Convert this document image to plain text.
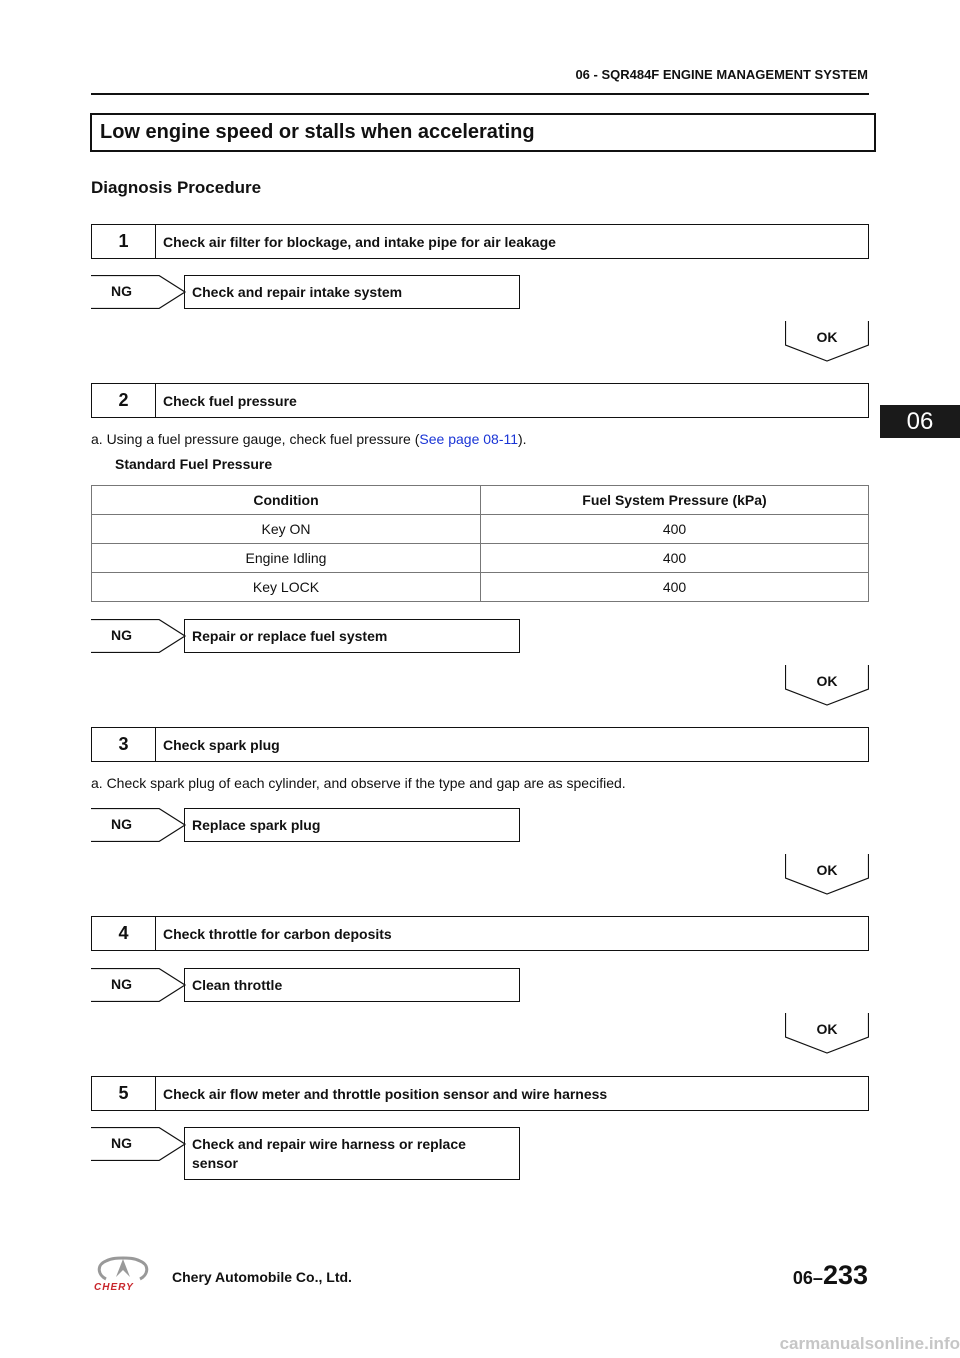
06 - SQR484F ENGINE MANAGEMENT SYSTEM
06
Low engine speed or stalls when accelerating
Diagnosis Procedure
1	Check air filter for blockage, and intake pipe for air leakage
NG	Check and repair intake system
OK
2	Check fuel pressure
a. Using a fuel pressure gauge, check fuel pressure (See page 08-11).
Standard Fuel Pressure
Condition	Fuel System Pressure (kPa)
Key ON	400
Engine Idling	400
Key LOCK	400
NG	Repair or replace fuel system
OK
3	Check spark plug
a. Check spark plug of each cylinder, and observe if the type and gap are as specified.
NG	Replace spark plug
OK
4	Check throttle for carbon deposits
NG	Clean throttle
OK
5	Check air flow meter and throttle position sensor and wire harness
NG	Check and repair wire harness or replace sensor
CHERY
Chery Automobile Co., Ltd.	06–233
carmanualsonline.info
